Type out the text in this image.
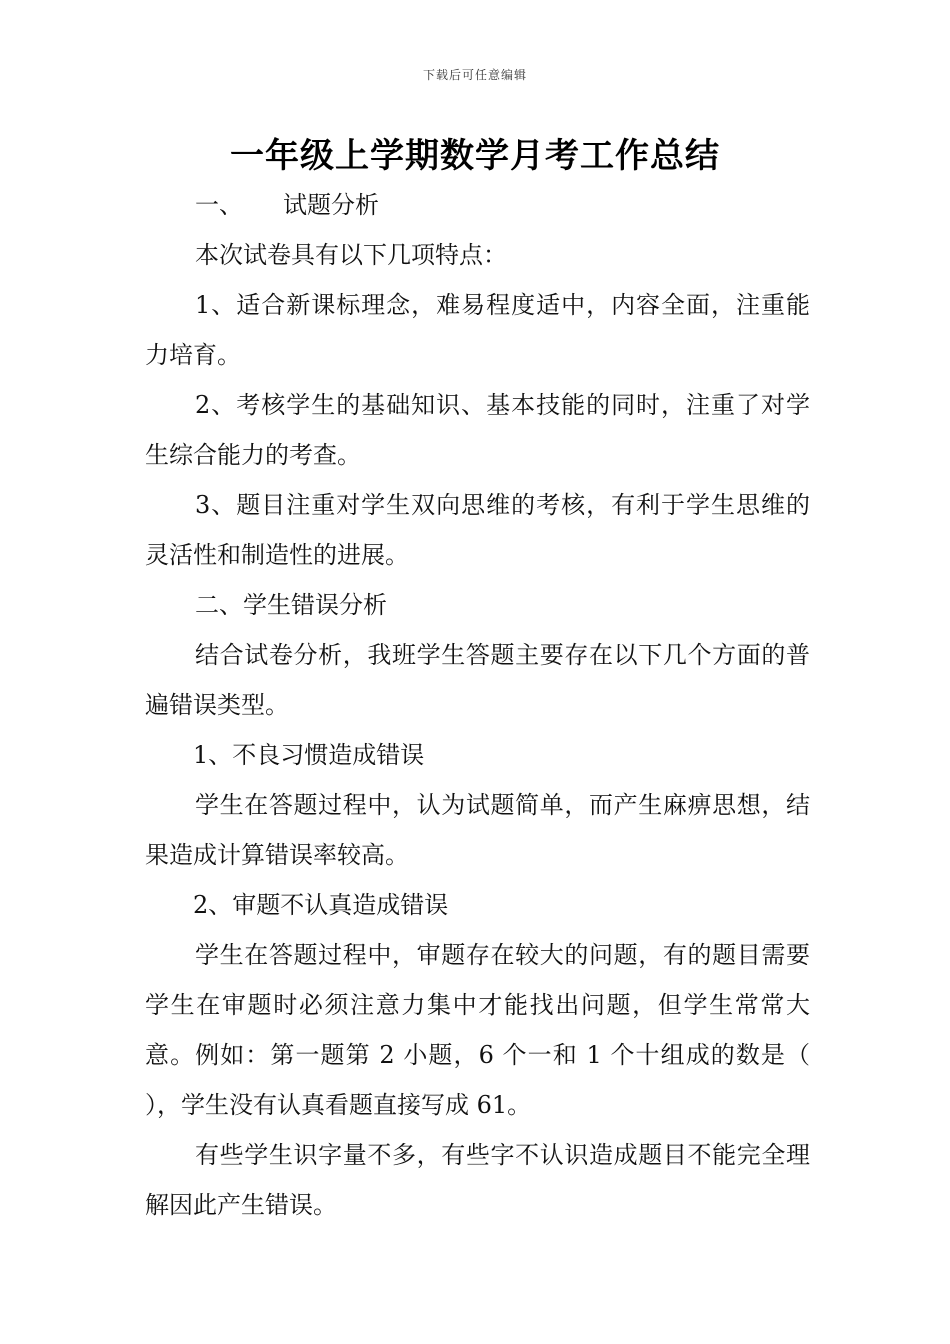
下载后可任意编辑
一年级上学期数学月考工作总结

一、 试题分析

本次试卷具有以下几项特点：

1、适合新课标理念，难易程度适中，内容全面，注重能力培育。

2、考核学生的基础知识、基本技能的同时，注重了对学生综合能力的考查。

3、题目注重对学生双向思维的考核，有利于学生思维的灵活性和制造性的进展。

二、学生错误分析

结合试卷分析，我班学生答题主要存在以下几个方面的普遍错误类型。

1、不良习惯造成错误

学生在答题过程中，认为试题简单，而产生麻痹思想，结果造成计算错误率较高。

2、审题不认真造成错误

学生在答题过程中，审题存在较大的问题，有的题目需要学生在审题时必须注意力集中才能找出问题，但学生常常大意。例如：第一题第 2 小题，6 个一和 1 个十组成的数是（ ），学生没有认真看题直接写成 61。

有些学生识字量不多，有些字不认识造成题目不能完全理解因此产生错误。
